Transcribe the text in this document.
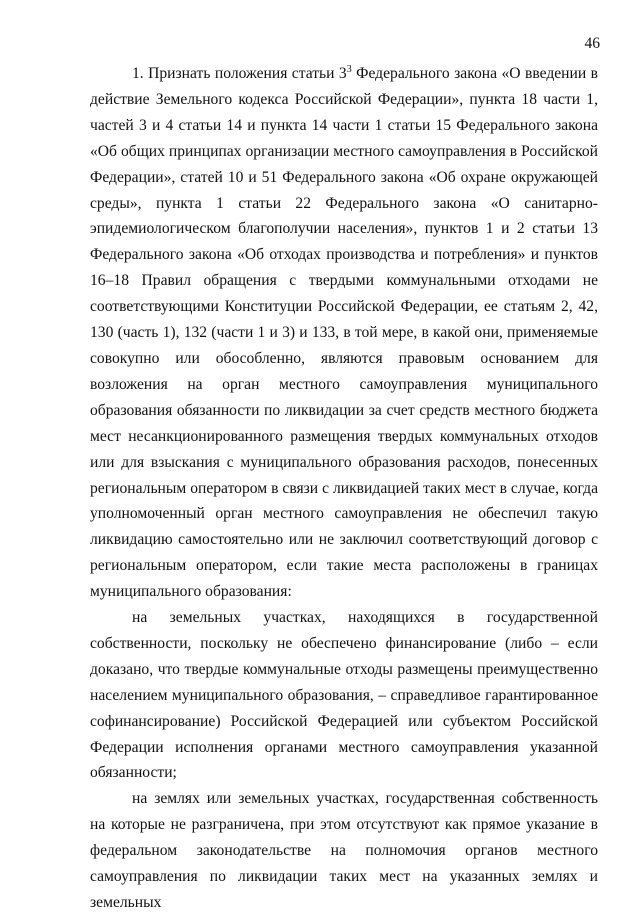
46

1. Признать положения статьи $3^3$ Федерального закона «О введении в действие Земельного кодекса Российской Федерации», пункта 18 части 1, частей 3 и 4 статьи 14 и пункта 14 части 1 статьи 15 Федерального закона «Об общих принципах организации местного самоуправления в Российской Федерации», статей 10 и 51 Федерального закона «Об охране окружающей среды», пункта 1 статьи 22 Федерального закона «О санитарно-эпидемиологическом благополучии населения», пунктов 1 и 2 статьи 13 Федерального закона «Об отходах производства и потребления» и пунктов 16–18 Правил обращения с твердыми коммунальными отходами не соответствующими Конституции Российской Федерации, ее статьям 2, 42, 130 (часть 1), 132 (части 1 и 3) и 133, в той мере, в какой они, применяемые совокупно или обособленно, являются правовым основанием для возложения на орган местного самоуправления муниципального образования обязанности по ликвидации за счет средств местного бюджета мест несанкционированного размещения твердых коммунальных отходов или для взыскания с муниципального образования расходов, понесенных региональным оператором в связи с ликвидацией таких мест в случае, когда уполномоченный орган местного самоуправления не обеспечил такую ликвидацию самостоятельно или не заключил соответствующий договор с региональным оператором, если такие места расположены в границах муниципального образования:

на земельных участках, находящихся в государственной собственности, поскольку не обеспечено финансирование (либо – если доказано, что твердые коммунальные отходы размещены преимущественно населением муниципального образования, – справедливое гарантированное софинансирование) Российской Федерацией или субъектом Российской Федерации исполнения органами местного самоуправления указанной обязанности;

на землях или земельных участках, государственная собственность на которые не разграничена, при этом отсутствуют как прямое указание в федеральном законодательстве на полномочия органов местного самоуправления по ликвидации таких мест на указанных землях и земельных
